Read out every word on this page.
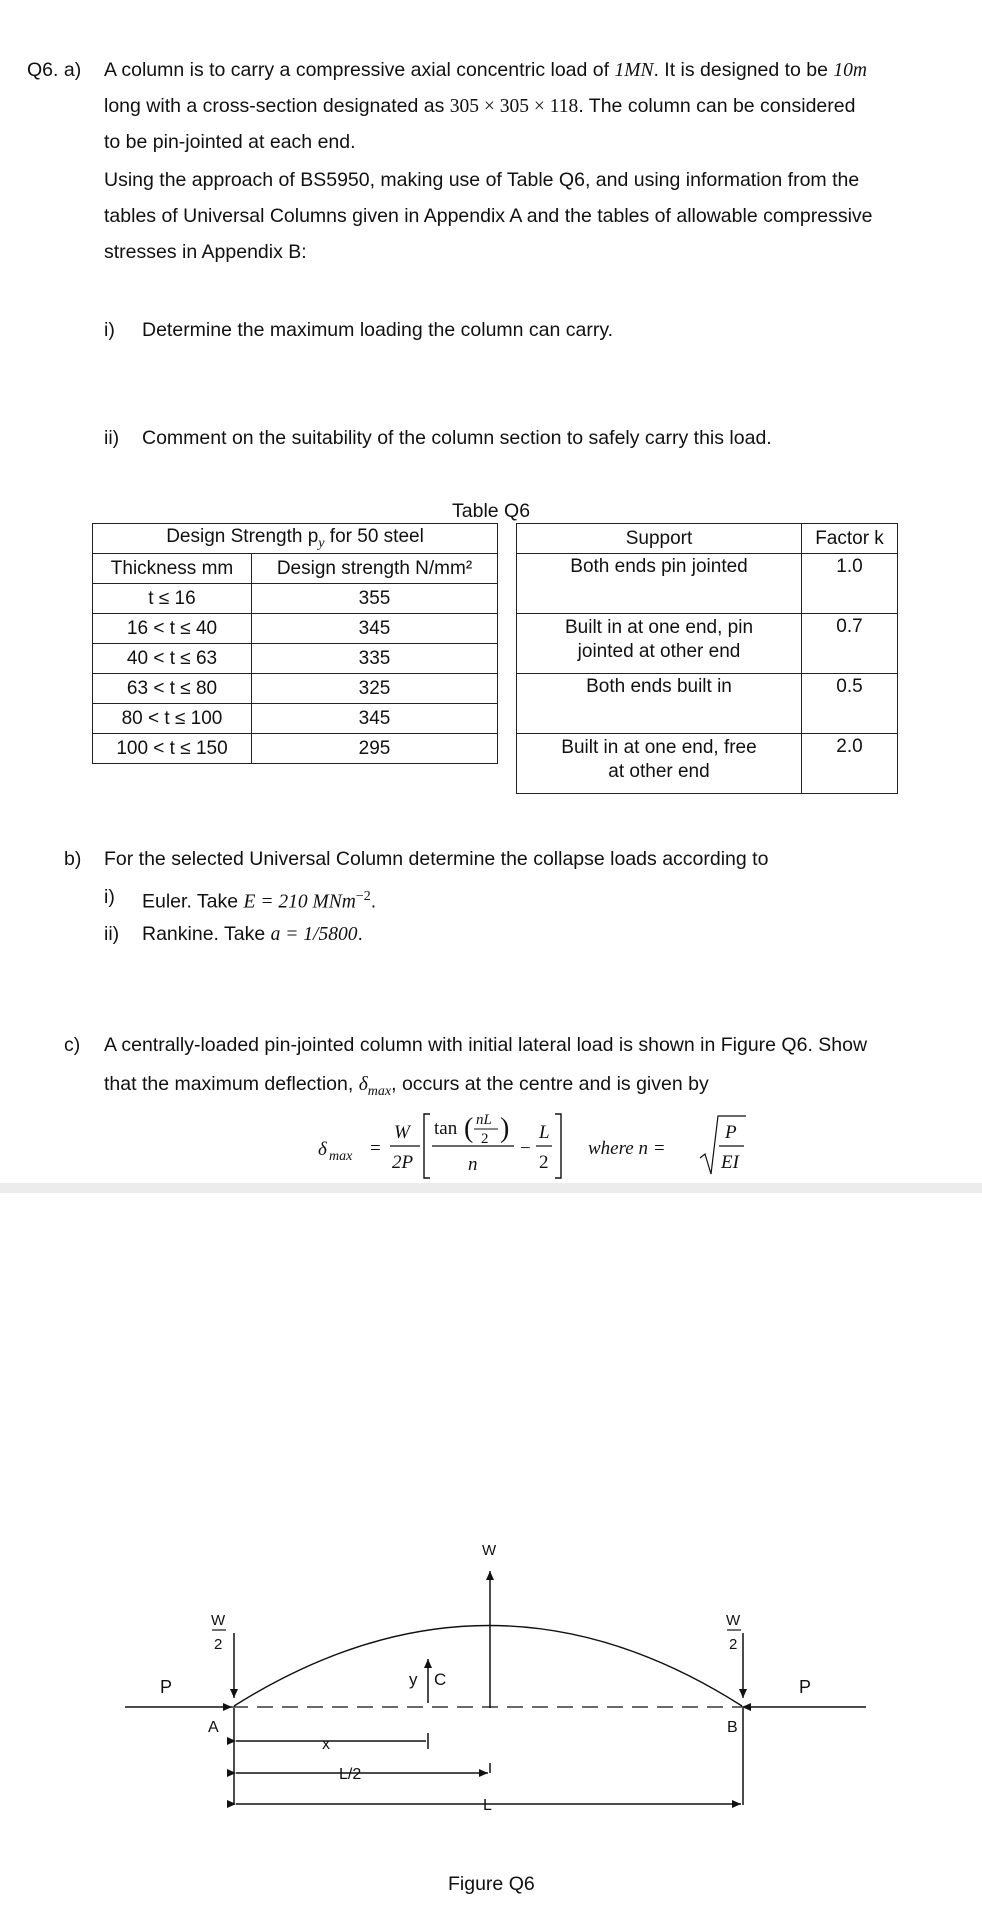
Q6. a) A column is to carry a compressive axial concentric load of 1MN. It is designed to be 10m
long with a cross-section designated as 305 × 305 × 118. The column can be considered
to be pin-jointed at each end.
Using the approach of BS5950, making use of Table Q6, and using information from the
tables of Universal Columns given in Appendix A and the tables of allowable compressive
stresses in Appendix B:
i) Determine the maximum loading the column can carry.
ii) Comment on the suitability of the column section to safely carry this load.
Table Q6
Design Strength $p_y$ for 50 steel	
Thickness mm	Design strength N/mm²
t ≤ 16	355
16 < t ≤ 40	345
40 < t ≤ 63	335
63 < t ≤ 80	325
80 < t ≤ 100	345
100 < t ≤ 150	295
Support	Factor k

Both ends pin jointed	1.0

Built in at one end, pin
jointed at other end	0.7

Both ends built in	0.5

Built in at one end, free
at other end	2.0
b) For the selected Universal Column determine the collapse loads according to
i) Euler. Take E = 210 MNm$^{-2}$.
ii) Rankine. Take a = 1/5800.
c) A centrally-loaded pin-jointed column with initial lateral load is shown in Figure Q6. Show
that the maximum deflection, $\delta_{max}$, occurs at the centre and is given by
δ max =
W
2P
tan ( nL
2 )
n
−
L
2
where n =
P
EI
W
W
2
W
2
P	P
A	B
C
y
x
L/2
L
Figure Q6
